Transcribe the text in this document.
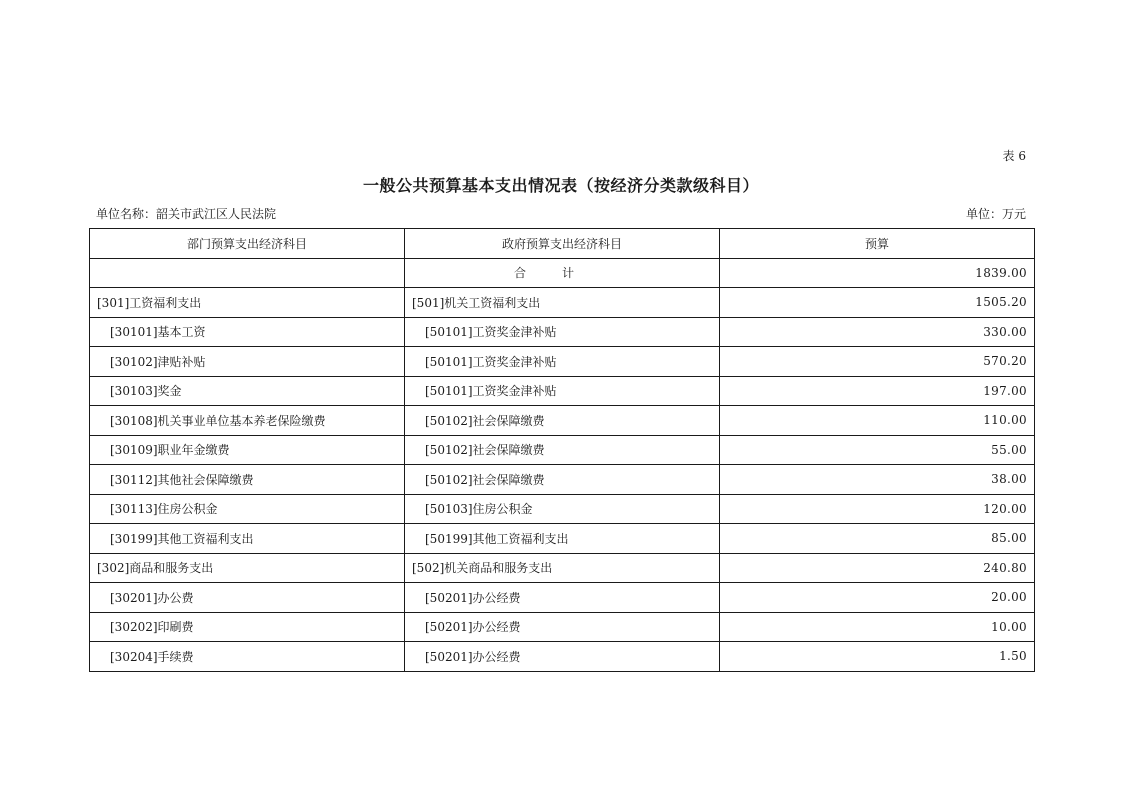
表 6
一般公共预算基本支出情况表（按经济分类款级科目）
单位名称：韶关市武江区人民法院	单位：万元
部门预算支出经济科目	政府预算支出经济科目	预算
	合计	1839.00
[301]工资福利支出	[501]机关工资福利支出	1505.20
[30101]基本工资	[50101]工资奖金津补贴	330.00
[30102]津贴补贴	[50101]工资奖金津补贴	570.20
[30103]奖金	[50101]工资奖金津补贴	197.00
[30108]机关事业单位基本养老保险缴费	[50102]社会保障缴费	110.00
[30109]职业年金缴费	[50102]社会保障缴费	55.00
[30112]其他社会保障缴费	[50102]社会保障缴费	38.00
[30113]住房公积金	[50103]住房公积金	120.00
[30199]其他工资福利支出	[50199]其他工资福利支出	85.00
[302]商品和服务支出	[502]机关商品和服务支出	240.80
[30201]办公费	[50201]办公经费	20.00
[30202]印刷费	[50201]办公经费	10.00
[30204]手续费	[50201]办公经费	1.50
